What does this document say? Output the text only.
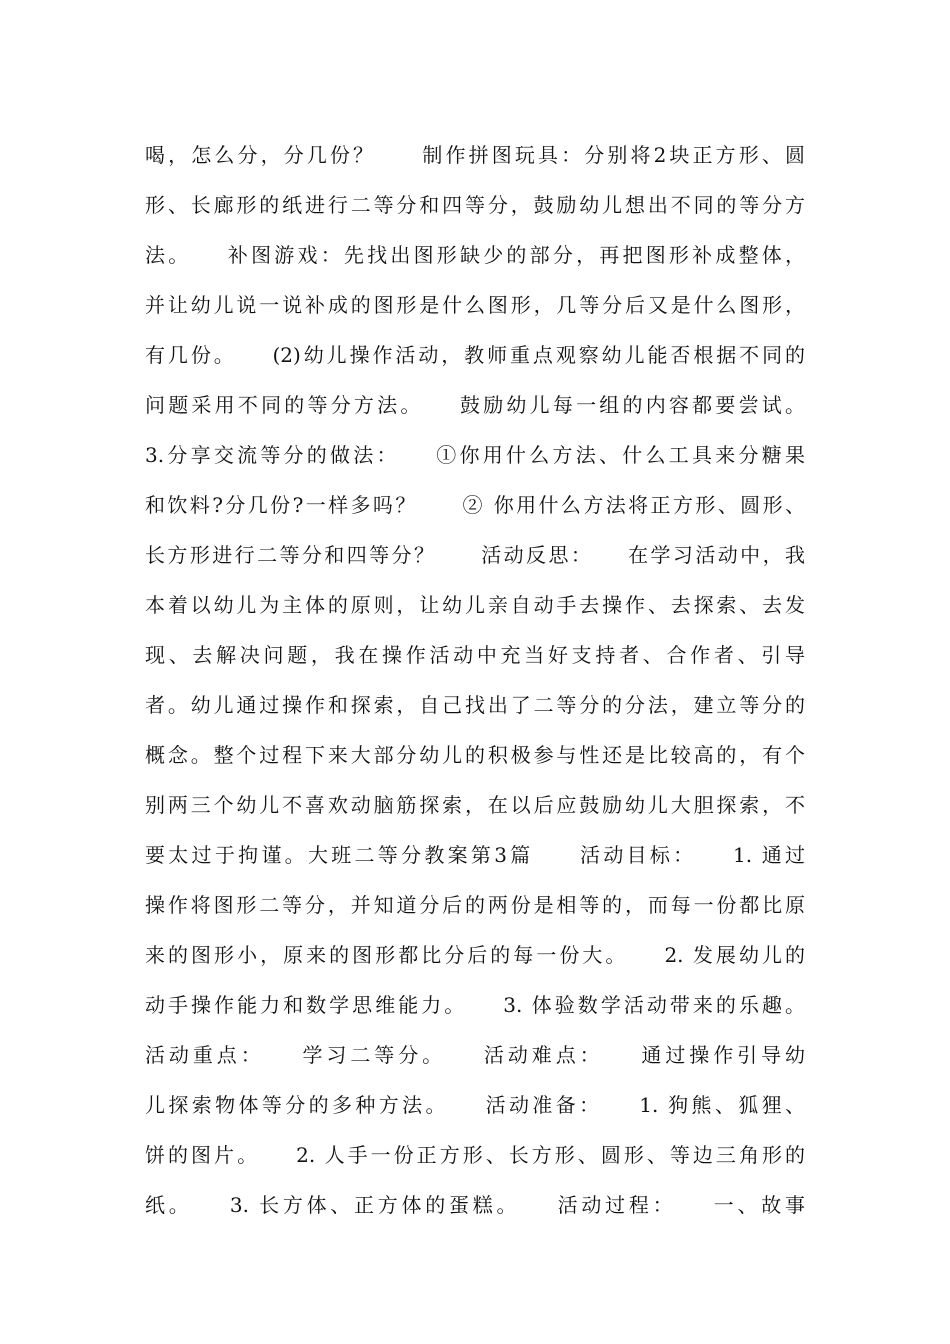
喝，怎么分，分几份？　　制作拼图玩具：分别将2块正方形、圆
形、长廊形的纸进行二等分和四等分，鼓励幼儿想出不同的等分方
法。　　补图游戏：先找出图形缺少的部分，再把图形补成整体，
并让幼儿说一说补成的图形是什么图形，几等分后又是什么图形，
有几份。　　(2)幼儿操作活动，教师重点观察幼儿能否根据不同的
问题采用不同的等分方法。　　鼓励幼儿每一组的内容都要尝试。
3.分享交流等分的做法：　　①你用什么方法、什么工具来分糖果
和饮料?分几份?一样多吗？　　② 你用什么方法将正方形、圆形、
长方形进行二等分和四等分？　　活动反思：　　在学习活动中，我
本着以幼儿为主体的原则，让幼儿亲自动手去操作、去探索、去发
现、去解决问题，我在操作活动中充当好支持者、合作者、引导
者。幼儿通过操作和探索，自己找出了二等分的分法，建立等分的
概念。整个过程下来大部分幼儿的积极参与性还是比较高的，有个
别两三个幼儿不喜欢动脑筋探索，在以后应鼓励幼儿大胆探索，不
要太过于拘谨。大班二等分教案第3篇　　活动目标：　　1. 通过
操作将图形二等分，并知道分后的两份是相等的，而每一份都比原
来的图形小，原来的图形都比分后的每一份大。　　2. 发展幼儿的
动手操作能力和数学思维能力。　　3. 体验数学活动带来的乐趣。
活动重点：　　学习二等分。　　活动难点：　　通过操作引导幼
儿探索物体等分的多种方法。　　活动准备：　　1. 狗熊、狐狸、
饼的图片。　　2. 人手一份正方形、长方形、圆形、等边三角形的
纸。　　3. 长方体、正方体的蛋糕。　　活动过程：　　一、故事
